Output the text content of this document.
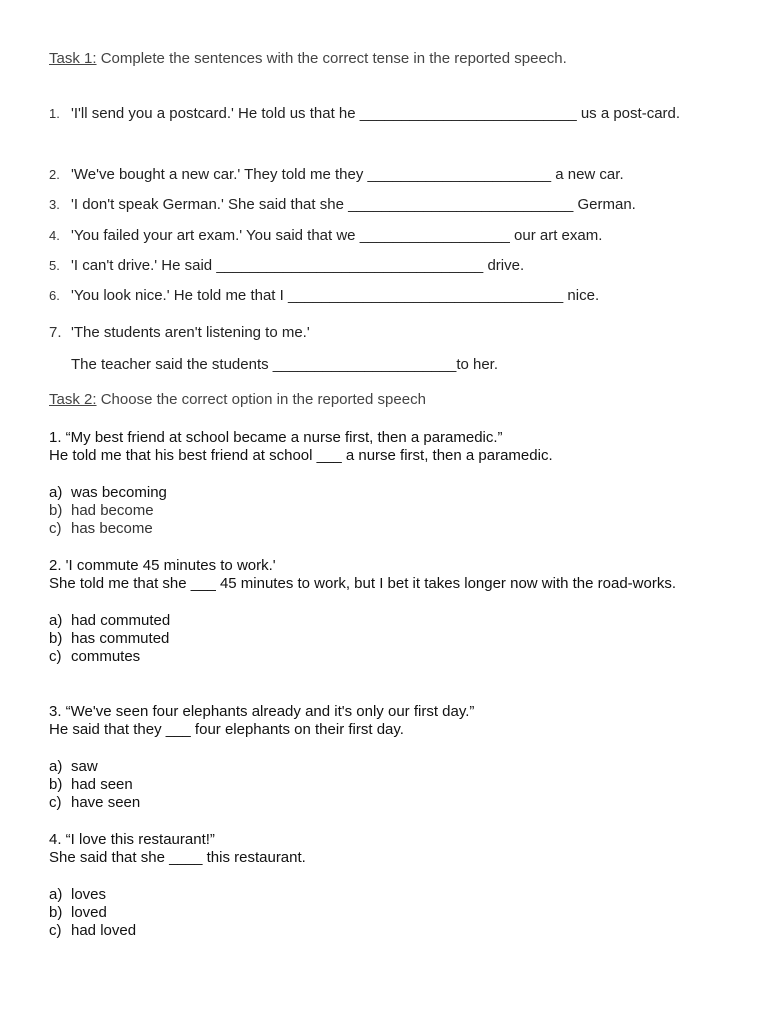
Task 1: Complete the sentences with the correct tense in the reported speech.
1. 'I'll send you a postcard.' He told us that he __________________________ us a post-card.
2. 'We've bought a new car.' They told me they ______________________ a new car.
3. 'I don't speak German.' She said that she ___________________________ German.
4. 'You failed your art exam.' You said that we __________________ our art exam.
5. 'I can't drive.' He said ________________________________ drive.
6. 'You look nice.' He told me that I _________________________________ nice.
7. 'The students aren't listening to me.'
The teacher said the students ______________________to her.
Task 2: Choose the correct option in the reported speech

1. “My best friend at school became a nurse first, then a paramedic.”

He told me that his best friend at school ___ a nurse first, then a paramedic.

a) was becoming
b) had become
c) has become

2. 'I commute 45 minutes to work.'

She told me that she ___ 45 minutes to work, but I bet it takes longer now with the road-works.

a) had commuted
b) has commuted
c) commutes

3. “We've seen four elephants already and it's only our first day.”

He said that they ___ four elephants on their first day.

a) saw
b) had seen
c) have seen

4. “I love this restaurant!”

She said that she ____ this restaurant.

a) loves
b) loved
c) had loved
